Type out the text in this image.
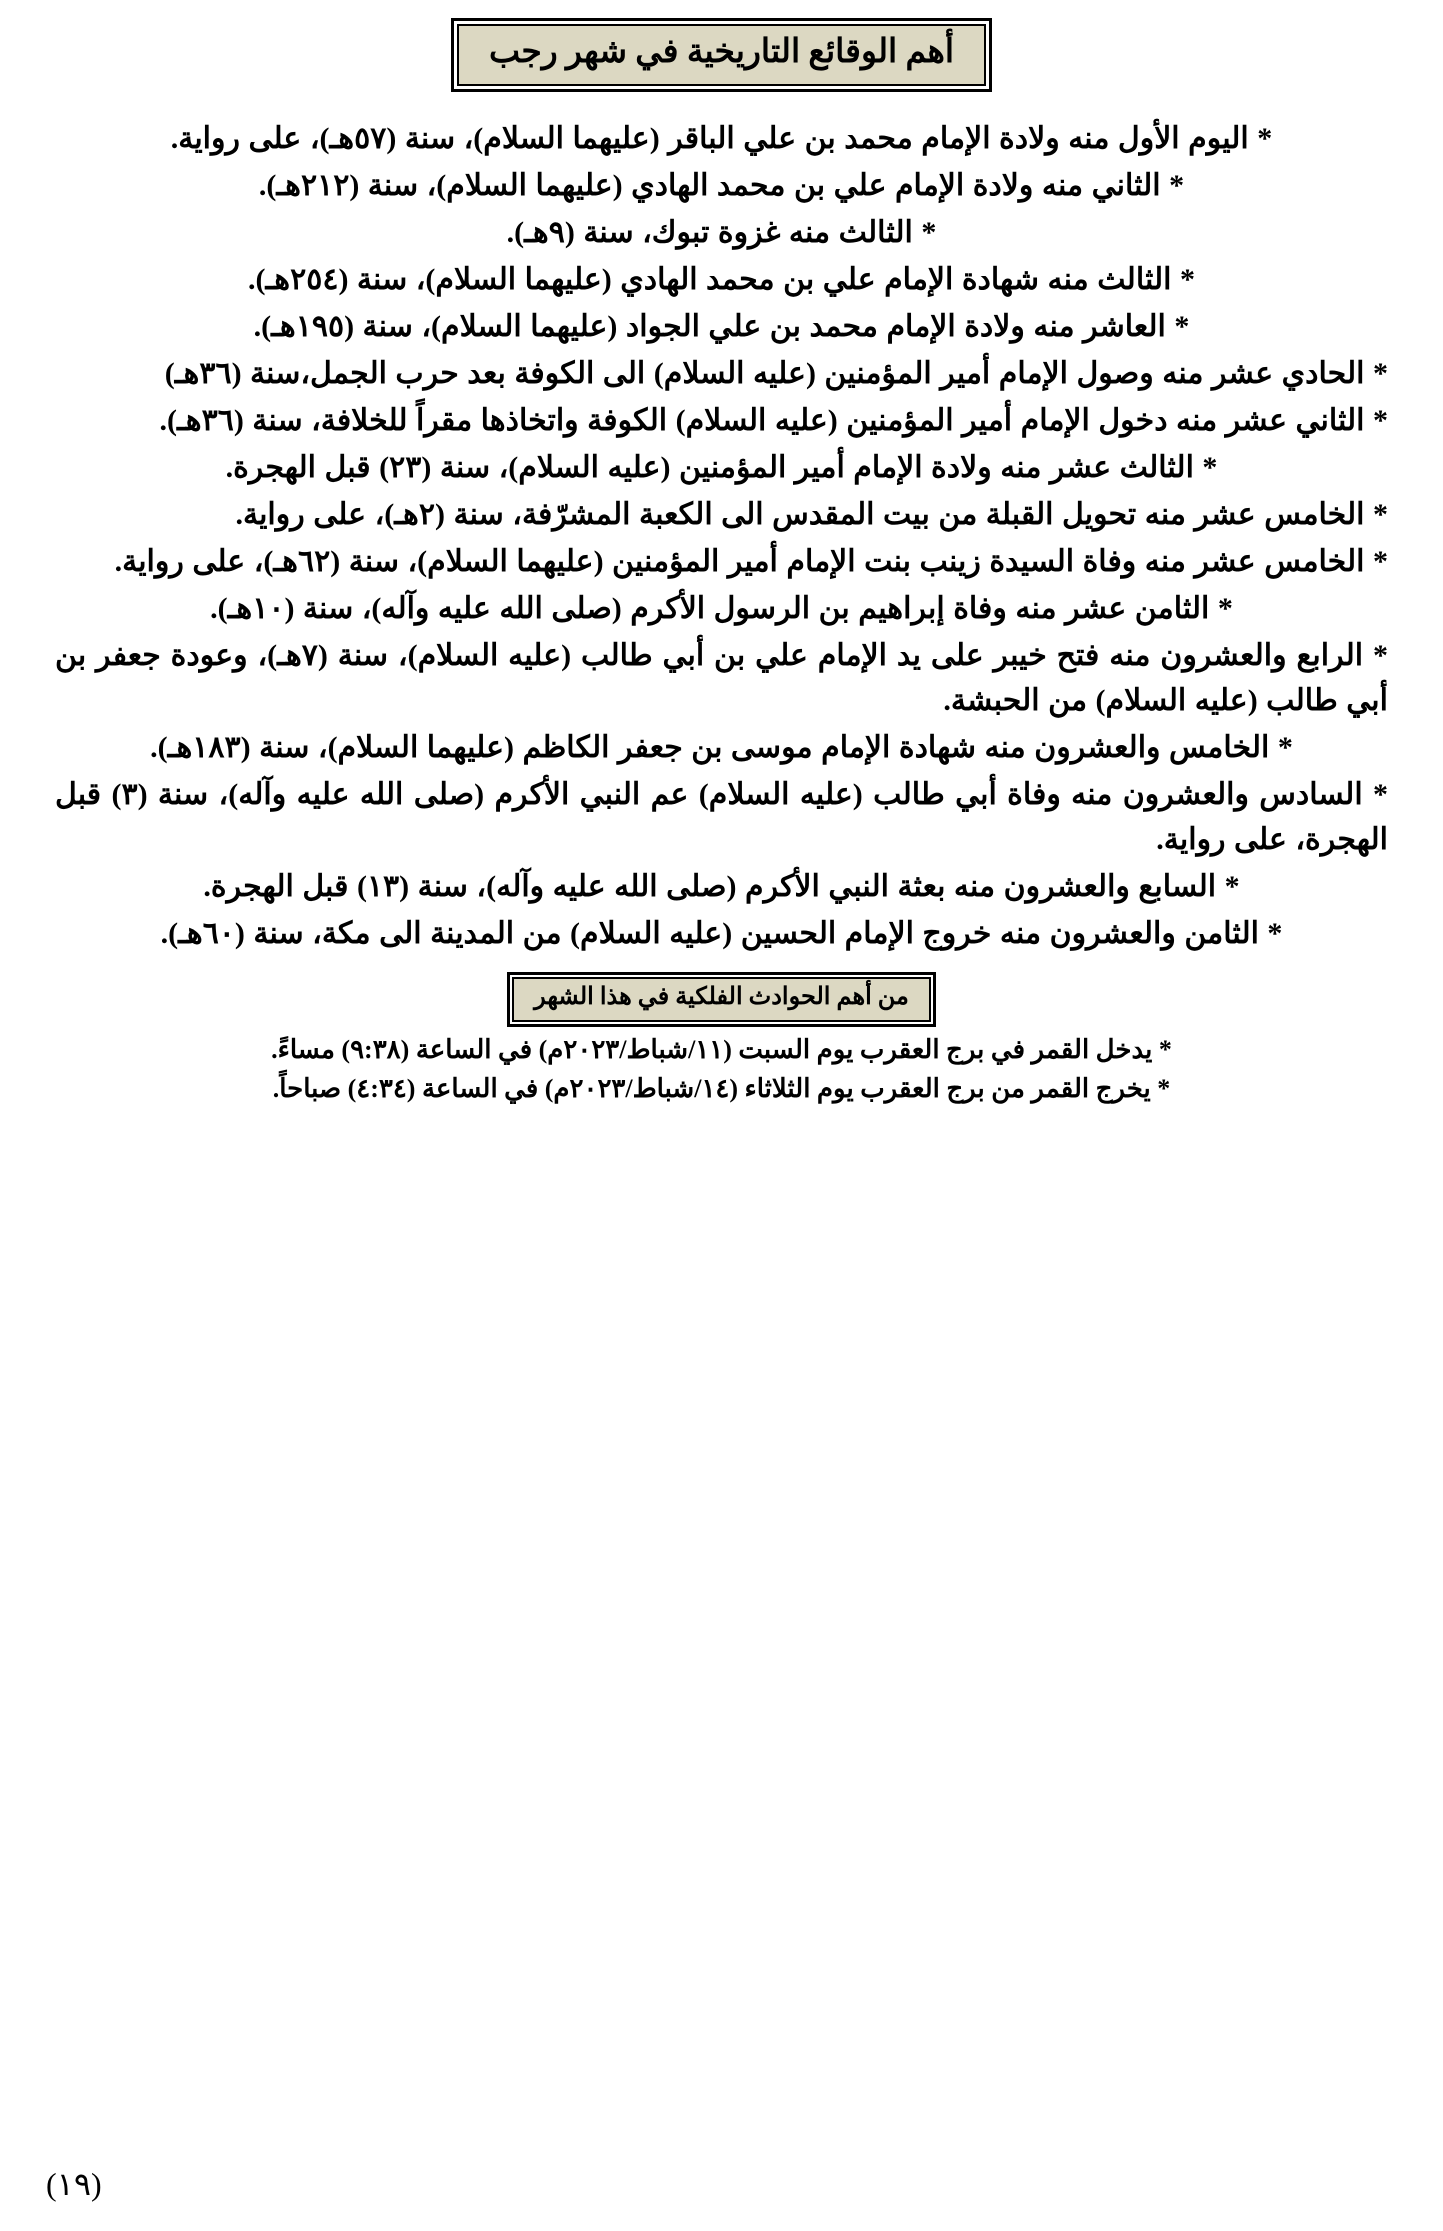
أهم الوقائع التاريخية في شهر رجب
* اليوم الأول منه ولادة الإمام محمد بن علي الباقر (عليهما السلام)، سنة (٥٧هـ)، على رواية.
* الثاني منه ولادة الإمام علي بن محمد الهادي (عليهما السلام)، سنة (٢١٢هـ).
* الثالث منه غزوة تبوك، سنة (٩هـ).
* الثالث منه شهادة الإمام علي بن محمد الهادي (عليهما السلام)، سنة (٢٥٤هـ).
* العاشر منه ولادة الإمام محمد بن علي الجواد (عليهما السلام)، سنة (١٩٥هـ).
* الحادي عشر منه وصول الإمام أمير المؤمنين (عليه السلام) الى الكوفة بعد حرب الجمل،سنة (٣٦هـ)
* الثاني عشر منه دخول الإمام أمير المؤمنين (عليه السلام) الكوفة واتخاذها مقراً للخلافة، سنة (٣٦هـ).
* الثالث عشر منه ولادة الإمام أمير المؤمنين (عليه السلام)، سنة (٢٣) قبل الهجرة.
* الخامس عشر منه تحويل القبلة من بيت المقدس الى الكعبة المشرّفة، سنة (٢هـ)، على رواية.
* الخامس عشر منه وفاة السيدة زينب بنت الإمام أمير المؤمنين (عليهما السلام)، سنة (٦٢هـ)، على رواية.
* الثامن عشر منه وفاة إبراهيم بن الرسول الأكرم (صلى الله عليه وآله)، سنة (١٠هـ).
* الرابع والعشرون منه فتح خيبر على يد الإمام علي بن أبي طالب (عليه السلام)، سنة (٧هـ)، وعودة جعفر بن أبي طالب (عليه السلام) من الحبشة.
* الخامس والعشرون منه شهادة الإمام موسى بن جعفر الكاظم (عليهما السلام)، سنة (١٨٣هـ).
* السادس والعشرون منه وفاة أبي طالب (عليه السلام) عم النبي الأكرم (صلى الله عليه وآله)، سنة (٣) قبل الهجرة، على رواية.
* السابع والعشرون منه بعثة النبي الأكرم (صلى الله عليه وآله)، سنة (١٣) قبل الهجرة.
* الثامن والعشرون منه خروج الإمام الحسين (عليه السلام) من المدينة الى مكة، سنة (٦٠هـ).
من أهم الحوادث الفلكية في هذا الشهر
* يدخل القمر في برج العقرب يوم السبت (١١/شباط/٢٠٢٣م) في الساعة (٩:٣٨) مساءً.
* يخرج القمر من برج العقرب يوم الثلاثاء (١٤/شباط/٢٠٢٣م) في الساعة (٤:٣٤) صباحاً.
(١٩)
